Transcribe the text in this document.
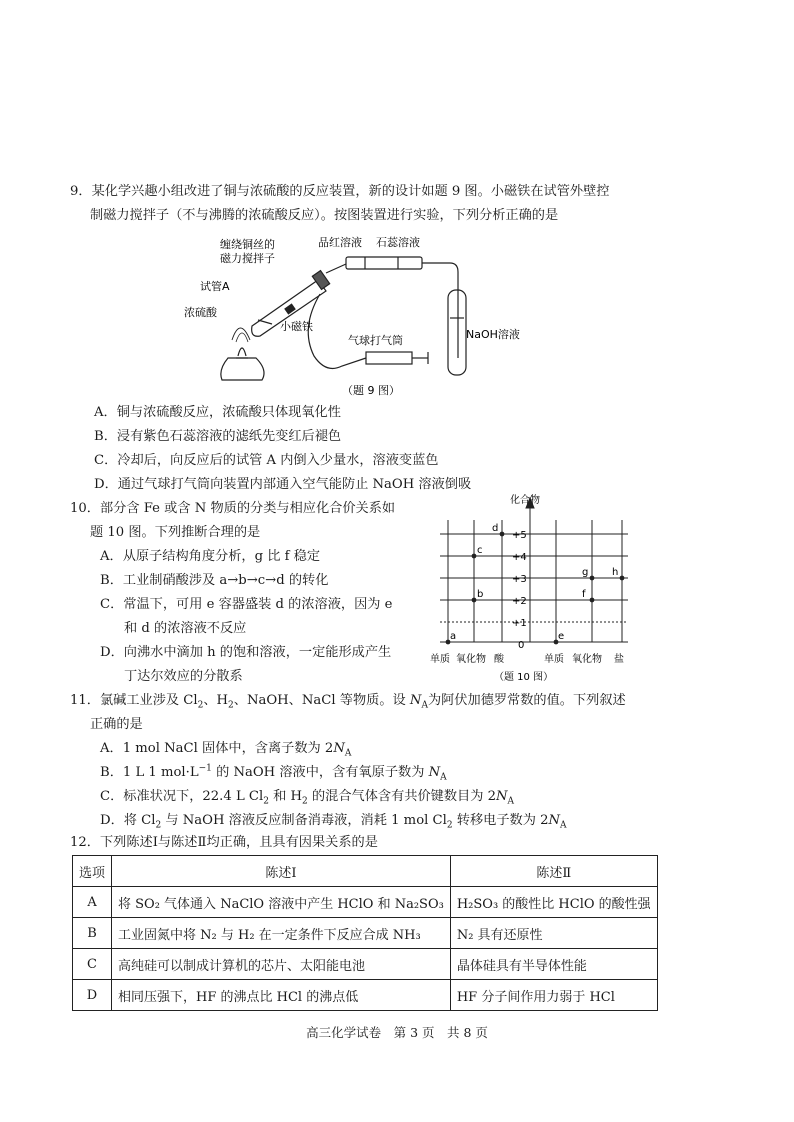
9．某化学兴趣小组改进了铜与浓硫酸的反应装置，新的设计如题 9 图。小磁铁在试管外壁控
制磁力搅拌子（不与沸腾的浓硫酸反应）。按图装置进行实验，下列分析正确的是
缠绕铜丝的
磁力搅拌子
品红溶液 石蕊溶液
试管A
浓硫酸
小磁铁
气球打气筒	NaOH溶液
（题 9 图）
A．铜与浓硫酸反应，浓硫酸只体现氧化性
B．浸有紫色石蕊溶液的滤纸先变红后褪色
C．冷却后，向反应后的试管 A 内倒入少量水，溶液变蓝色
D．通过气球打气筒向装置内部通入空气能防止 NaOH 溶液倒吸
10．部分含 Fe 或含 N 物质的分类与相应化合价关系如
题 10 图。下列推断合理的是
A．从原子结构角度分析，g 比 f 稳定
B．工业制硝酸涉及 a→b→c→d 的转化
C．常温下，可用 e 容器盛装 d 的浓溶液，因为 e
和 d 的浓溶液不反应
D．向沸水中滴加 h 的饱和溶液，一定能形成产生
丁达尔效应的分散系
化合物
+5
+4
+3
+2
+1
0
a
b
c
d
e
f
g h
单质 氧化物 酸	单质 氧化物 盐
（题 10 图）
11．氯碱工业涉及 $Cl_2$、$H_2$、NaOH、NaCl 等物质。设 $N_A$为阿伏加德罗常数的值。下列叙述
正确的是
A．1 mol NaCl 固体中，含离子数为 $2N_A$
B．1 L 1 $mol\cdot L^{-1}$ 的 NaOH 溶液中，含有氧原子数为 $N_A$
C．标准状况下，22.4 L $Cl_2$ 和 $H_2$ 的混合气体含有共价键数目为 $2N_A$
D．将 $Cl_2$ 与 NaOH 溶液反应制备消毒液，消耗 1 mol $Cl_2$ 转移电子数为 $2N_A$
12．下列陈述Ⅰ与陈述Ⅱ均正确，且具有因果关系的是
选项	陈述Ⅰ	陈述Ⅱ
A	将 SO₂ 气体通入 NaClO 溶液中产生 HClO 和 Na₂SO₃	H₂SO₃ 的酸性比 HClO 的酸性强
B	工业固氮中将 N₂ 与 H₂ 在一定条件下反应合成 NH₃	N₂ 具有还原性
C	高纯硅可以制成计算机的芯片、太阳能电池	晶体硅具有半导体性能
D	相同压强下，HF 的沸点比 HCl 的沸点低	HF 分子间作用力弱于 HCl
高三化学试卷　第 3 页　共 8 页
